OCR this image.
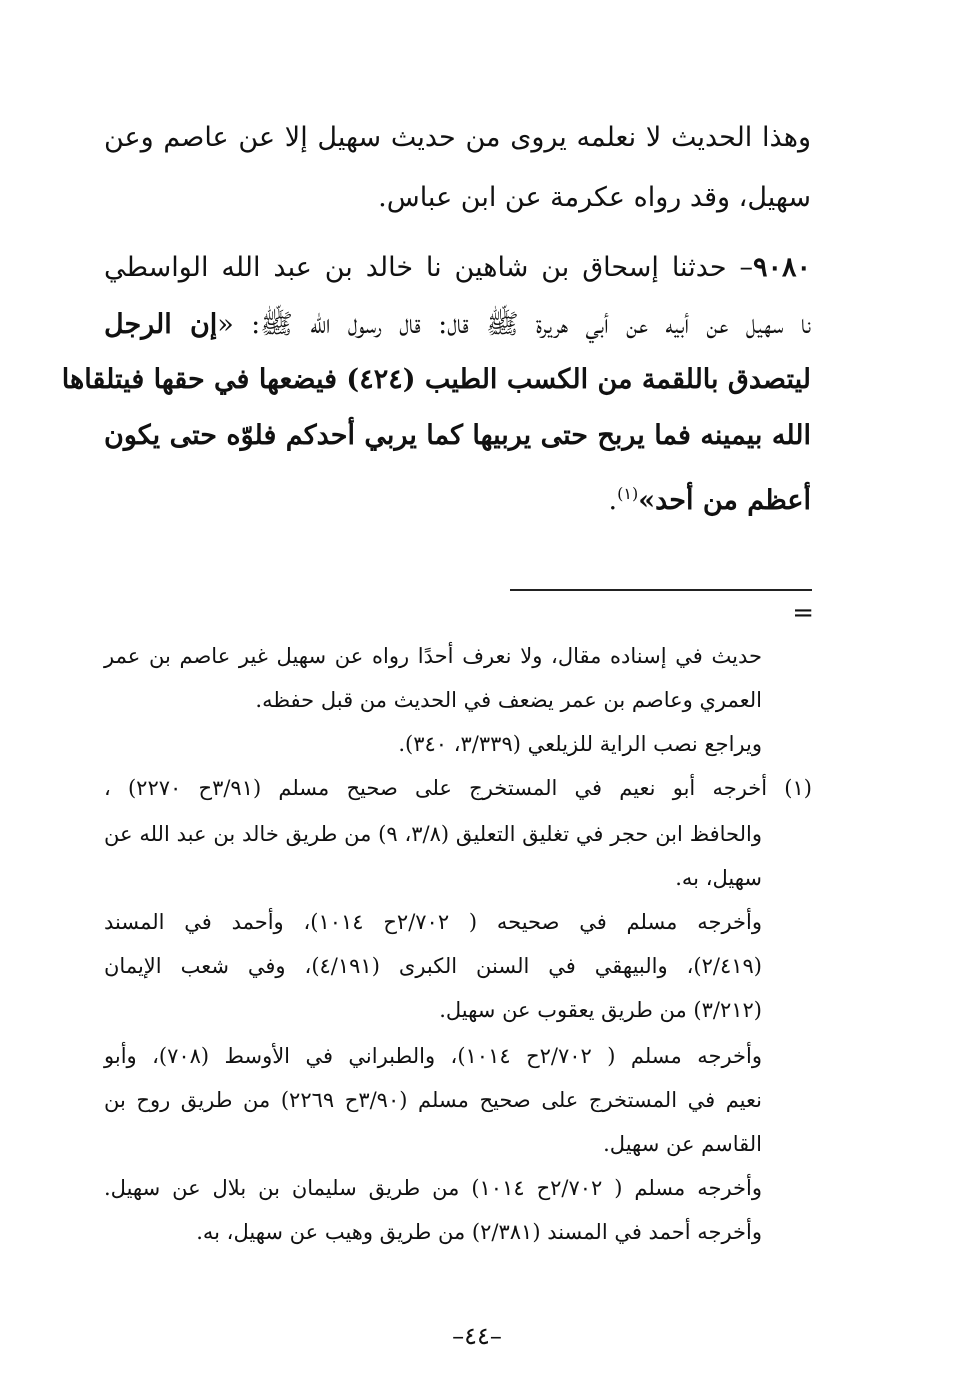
وهذا الحديث لا نعلمه يروى من حديث سهيل إلا عن عاصم وعن
سهيل، وقد رواه عكرمة عن ابن عباس.
٩٠٨٠– حدثنا إسحاق بن شاهين نا خالد بن عبد الله الواسطي
نا سهيل عن أبيه عن أبي هريرة ﷺ قال: قال رسول الله ﷺ: «إن الرجل
ليتصدق باللقمة من الكسب الطيب (٤٢٤) فيضعها في حقها فيتلقاها
الله بيمينه فما يربح حتى يربيها كما يربي أحدكم فلوّه حتى يكون
أعظم من أحد»$^{(١)}$.
=
حديث في إسناده مقال، ولا نعرف أحدًا رواه عن سهيل غير عاصم بن عمر
العمري وعاصم بن عمر يضعف في الحديث من قبل حفظه.
ويراجع نصب الراية للزيلعي (٣/٣٣٩، ٣٤٠).
(١) أخرجه أبو نعيم في المستخرج على صحيح مسلم (٣/٩١ح ٢٢٧٠) ،
والحافظ ابن حجر في تغليق التعليق (٣/٨، ٩) من طريق خالد بن عبد الله عن
سهيل، به.
وأخرجه مسلم في صحيحه ( ٢/٧٠٢ح ١٠١٤)، وأحمد في المسند
(٢/٤١٩)، والبيهقي في السنن الكبرى (٤/١٩١)، وفي شعب الإيمان
(٣/٢١٢) من طريق يعقوب عن سهيل.
وأخرجه مسلم ( ٢/٧٠٢ح ١٠١٤)، والطبراني في الأوسط (٧٠٨)، وأبو
نعيم في المستخرج على صحيح مسلم (٣/٩٠ح ٢٢٦٩) من طريق روح بن
القاسم عن سهيل.
وأخرجه مسلم ( ٢/٧٠٢ح ١٠١٤) من طريق سليمان بن بلال عن سهيل.
وأخرجه أحمد في المسند (٢/٣٨١) من طريق وهيب عن سهيل، به.
–٤٤–
